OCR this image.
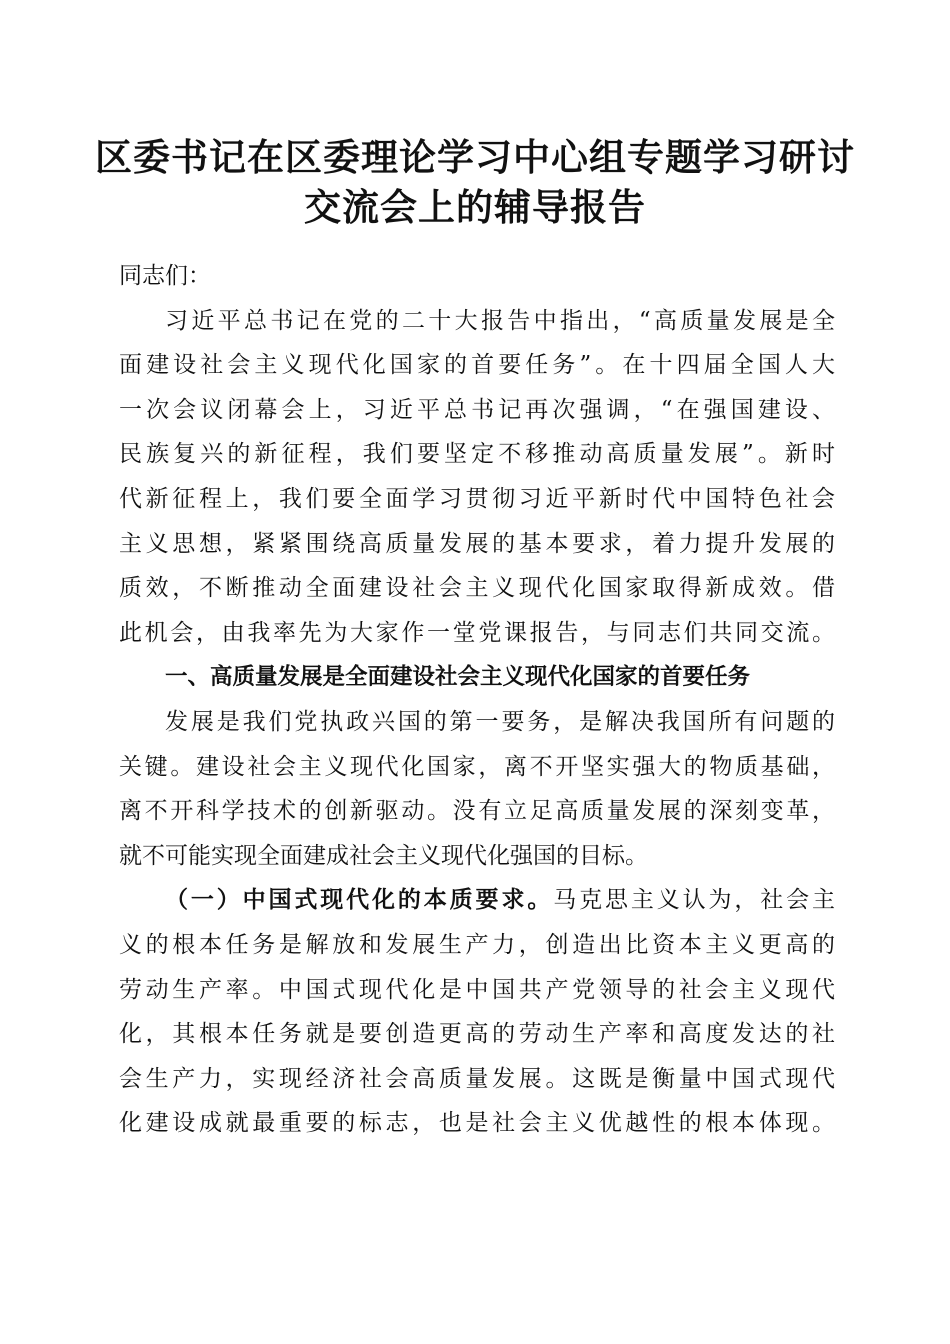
区委书记在区委理论学习中心组专题学习研讨
交流会上的辅导报告
同志们：
习近平总书记在党的二十大报告中指出，“高质量发展是全
面建设社会主义现代化国家的首要任务”。在十四届全国人大
一次会议闭幕会上，习近平总书记再次强调，“在强国建设、
民族复兴的新征程，我们要坚定不移推动高质量发展”。新时
代新征程上，我们要全面学习贯彻习近平新时代中国特色社会
主义思想，紧紧围绕高质量发展的基本要求，着力提升发展的
质效，不断推动全面建设社会主义现代化国家取得新成效。借
此机会，由我率先为大家作一堂党课报告，与同志们共同交流。
一、高质量发展是全面建设社会主义现代化国家的首要任务
发展是我们党执政兴国的第一要务，是解决我国所有问题的
关键。建设社会主义现代化国家，离不开坚实强大的物质基础，
离不开科学技术的创新驱动。没有立足高质量发展的深刻变革，
就不可能实现全面建成社会主义现代化强国的目标。
（一）中国式现代化的本质要求。马克思主义认为，社会主
义的根本任务是解放和发展生产力，创造出比资本主义更高的
劳动生产率。中国式现代化是中国共产党领导的社会主义现代
化，其根本任务就是要创造更高的劳动生产率和高度发达的社
会生产力，实现经济社会高质量发展。这既是衡量中国式现代
化建设成就最重要的标志，也是社会主义优越性的根本体现。
